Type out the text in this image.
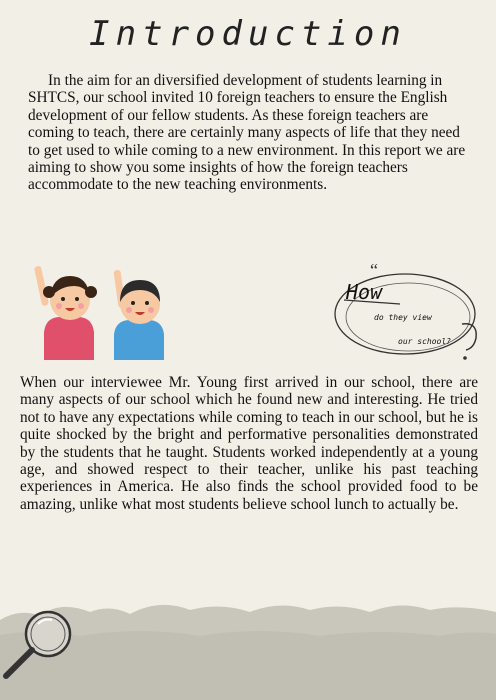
Introduction
In the aim for an diversified development of students learning in SHTCS, our school invited 10 foreign teachers to ensure the English development of our fellow students. As these foreign teachers are coming to teach, there are certainly many aspects of life that they need to get used to while coming to a new environment. In this report we are aiming to show you some insights of how the foreign teachers accommodate to the new teaching environments.
“
How
do they view
our school?
When our interviewee Mr. Young first arrived in our school, there are many aspects of our school which he found new and interesting. He tried not to have any expectations while coming to teach in our school, but he is quite shocked by the bright and performative personalities demonstrated by the students that he taught. Students worked independently at a young age, and showed respect to their teacher, unlike his past teaching experiences in America. He also finds the school provided food to be amazing, unlike what most students believe school lunch to actually be.
